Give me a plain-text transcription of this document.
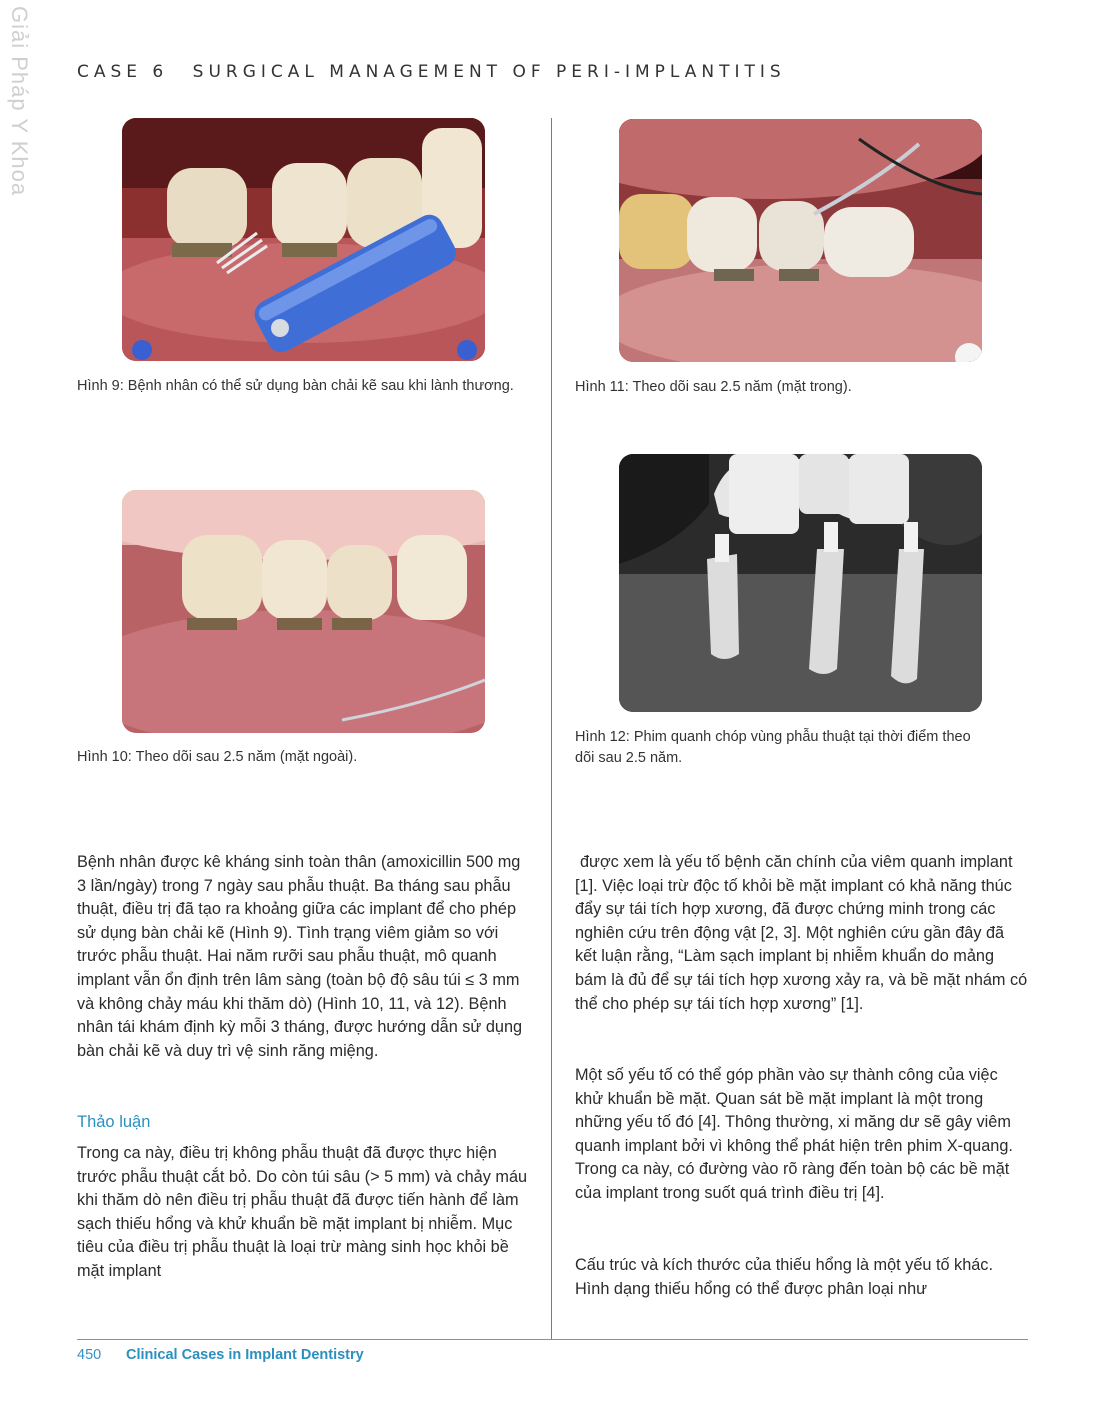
Giải Pháp Y Khoa	CASE 6 SURGICAL MANAGEMENT OF PERI-IMPLANTITIS
Hình 9: Bệnh nhân có thể sử dụng bàn chải kẽ sau khi lành thương.	Hình 11: Theo dõi sau 2.5 năm (mặt trong).
Hình 10: Theo dõi sau 2.5 năm (mặt ngoài).
Hình 12: Phim quanh chóp vùng phẫu thuật tại thời điểm theo dõi sau 2.5 năm.

Bệnh nhân được kê kháng sinh toàn thân (amoxicillin 500 mg 3 lần/ngày) trong 7 ngày sau phẫu thuật. Ba tháng sau phẫu thuật, điều trị đã tạo ra khoảng giữa các implant để cho phép sử dụng bàn chải kẽ (Hình 9). Tình trạng viêm giảm so với trước phẫu thuật. Hai năm rưỡi sau phẫu thuật, mô quanh implant vẫn ổn định trên lâm sàng (toàn bộ độ sâu túi ≤ 3 mm và không chảy máu khi thăm dò) (Hình 10, 11, và 12). Bệnh nhân tái khám định kỳ mỗi 3 tháng, được hướng dẫn sử dụng bàn chải kẽ và duy trì vệ sinh răng miệng.

Thảo luận

Trong ca này, điều trị không phẫu thuật đã được thực hiện trước phẫu thuật cắt bỏ. Do còn túi sâu (> 5 mm) và chảy máu khi thăm dò nên điều trị phẫu thuật đã được tiến hành để làm sạch thiếu hổng và khử khuẩn bề mặt implant bị nhiễm. Mục tiêu của điều trị phẫu thuật là loại trừ màng sinh học khỏi bề mặt implant

được xem là yếu tố bệnh căn chính của viêm quanh implant [1]. Việc loại trừ độc tố khỏi bề mặt implant có khả năng thúc đẩy sự tái tích hợp xương, đã được chứng minh trong các nghiên cứu trên động vật [2, 3]. Một nghiên cứu gần đây đã kết luận rằng, “Làm sạch implant bị nhiễm khuẩn do mảng bám là đủ để sự tái tích hợp xương xảy ra, và bề mặt nhám có thể cho phép sự tái tích hợp xương” [1].

Một số yếu tố có thể góp phần vào sự thành công của việc khử khuẩn bề mặt. Quan sát bề mặt implant là một trong những yếu tố đó [4]. Thông thường, xi măng dư sẽ gây viêm quanh implant bởi vì không thể phát hiện trên phim X-quang. Trong ca này, có đường vào rõ ràng đến toàn bộ các bề mặt của implant trong suốt quá trình điều trị [4].

Cấu trúc và kích thước của thiếu hổng là một yếu tố khác. Hình dạng thiếu hổng có thể được phân loại như

450 Clinical Cases in Implant Dentistry
